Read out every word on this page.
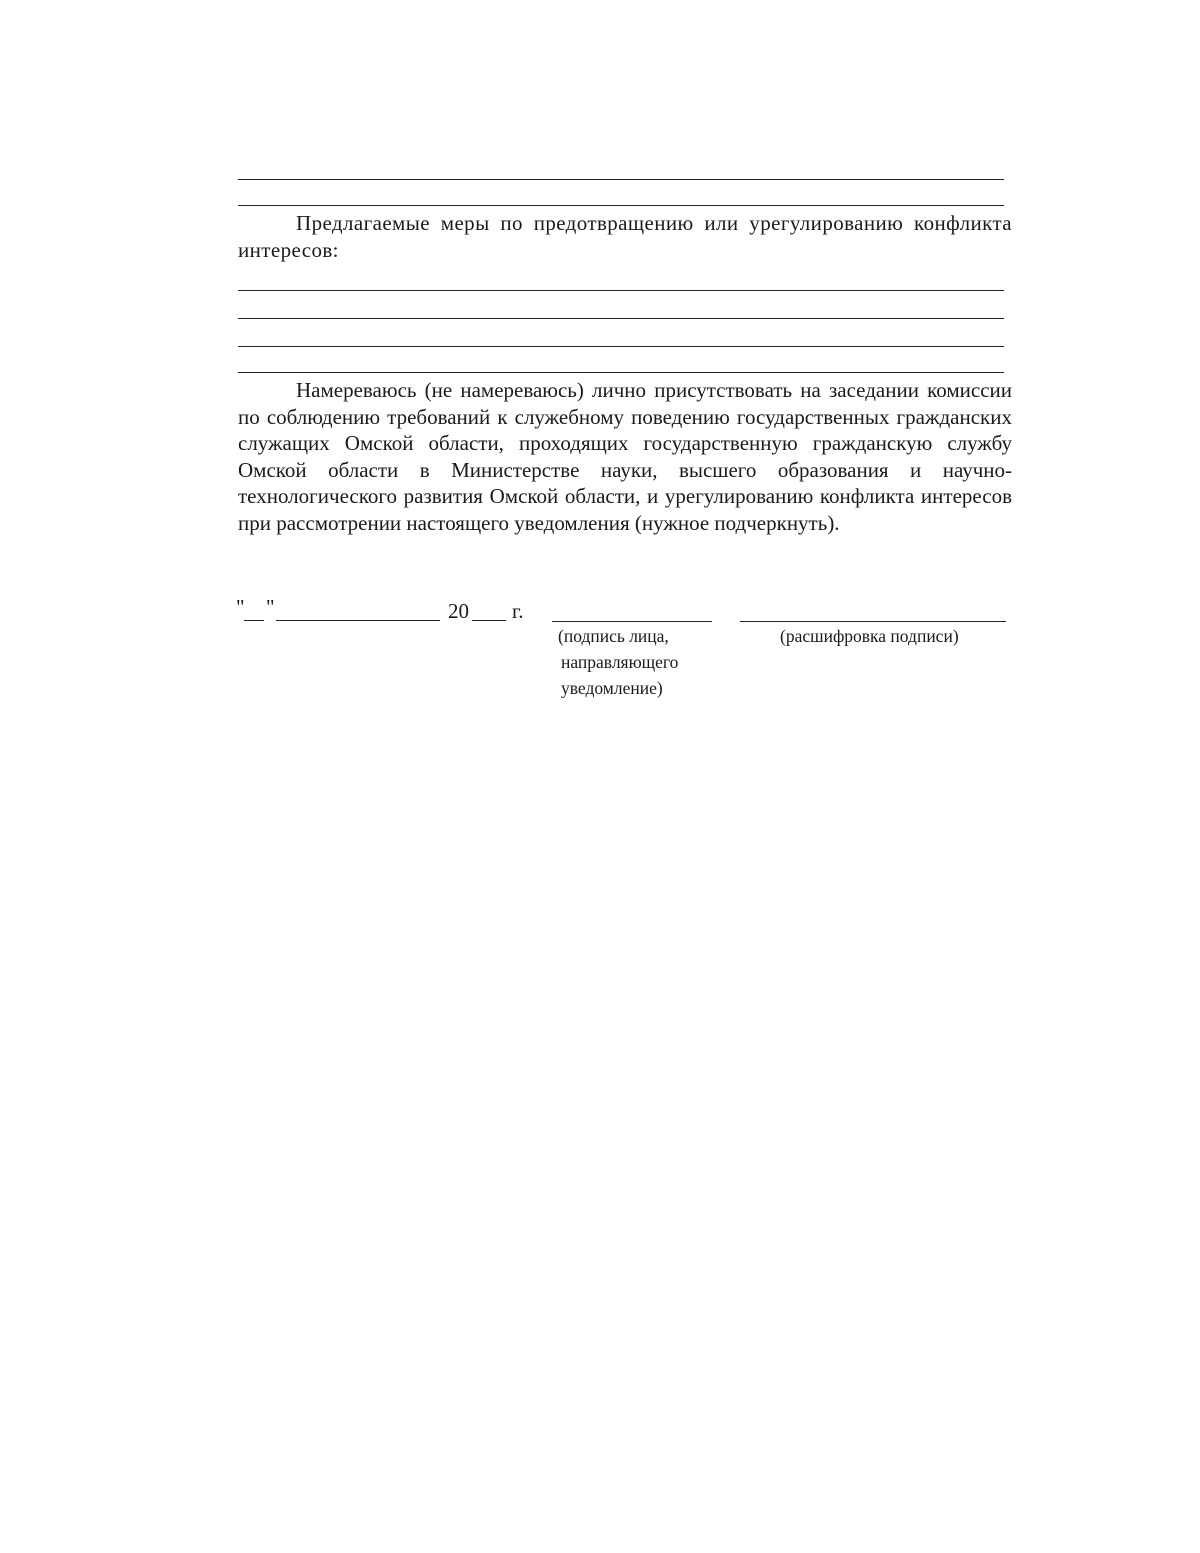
Предлагаемые меры по предотвращению или урегулированию конфликта интересов:

Намереваюсь (не намереваюсь) лично присутствовать на заседании комиссии по соблюдению требований к служебному поведению государственных гражданских служащих Омской области, проходящих государственную гражданскую службу Омской области в Министерстве науки, высшего образования и научно-технологического развития Омской области, и урегулированию конфликта интересов при рассмотрении настоящего уведомления (нужное подчеркнуть).

" "	20 г.
(подпись лица,
направляющего
уведомление)
(расшифровка подписи)
